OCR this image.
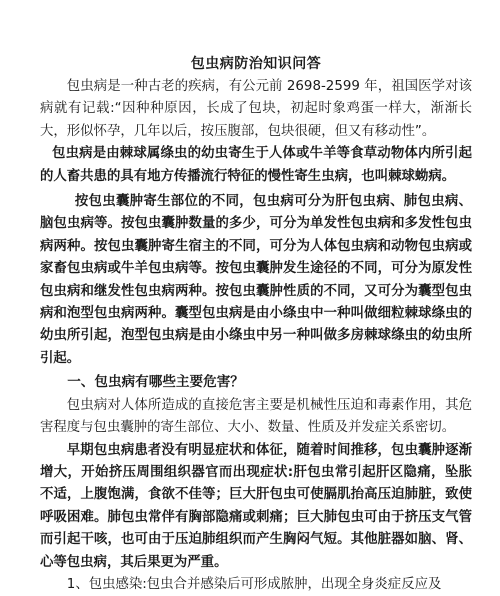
包虫病防治知识问答

包虫病是一种古老的疾病，有公元前 2698-2599 年，祖国医学对该病就有记载:“因种种原因，长成了包块，初起时象鸡蛋一样大，渐渐长大，形似怀孕，几年以后，按压腹部，包块很硬，但又有移动性”。

包虫病是由棘球属绦虫的幼虫寄生于人体或牛羊等食草动物体内所引起的人畜共患的具有地方传播流行特征的慢性寄生虫病，也叫棘球蚴病。

按包虫囊肿寄生部位的不同，包虫病可分为肝包虫病、肺包虫病、脑包虫病等。按包虫囊肿数量的多少，可分为单发性包虫病和多发性包虫病两种。按包虫囊肿寄生宿主的不同，可分为人体包虫病和动物包虫病或家畜包虫病或牛羊包虫病等。按包虫囊肿发生途径的不同，可分为原发性包虫病和继发性包虫病两种。按包虫囊肿性质的不同，又可分为囊型包虫病和泡型包虫病两种。囊型包虫病是由小绦虫中一种叫做细粒棘球绦虫的幼虫所引起，泡型包虫病是由小绦虫中另一种叫做多房棘球绦虫的幼虫所引起。

一、包虫病有哪些主要危害？

包虫病对人体所造成的直接危害主要是机械性压迫和毒素作用，其危害程度与包虫囊肿的寄生部位、大小、数量、性质及并发症关系密切。

早期包虫病患者没有明显症状和体征，随着时间推移，包虫囊肿逐渐增大，开始挤压周围组织器官而出现症状:肝包虫常引起肝区隐痛，坠胀不适，上腹饱满，食欲不佳等；巨大肝包虫可使膈肌抬高压迫肺脏，致使呼吸困难。肺包虫常伴有胸部隐痛或刺痛；巨大肺包虫可由于挤压支气管而引起干咳，也可由于压迫肺组织而产生胸闷气短。其他脏器如脑、肾、心等包虫病，其后果更为严重。

1、包虫感染:包虫合并感染后可形成脓肿，出现全身炎症反应及
